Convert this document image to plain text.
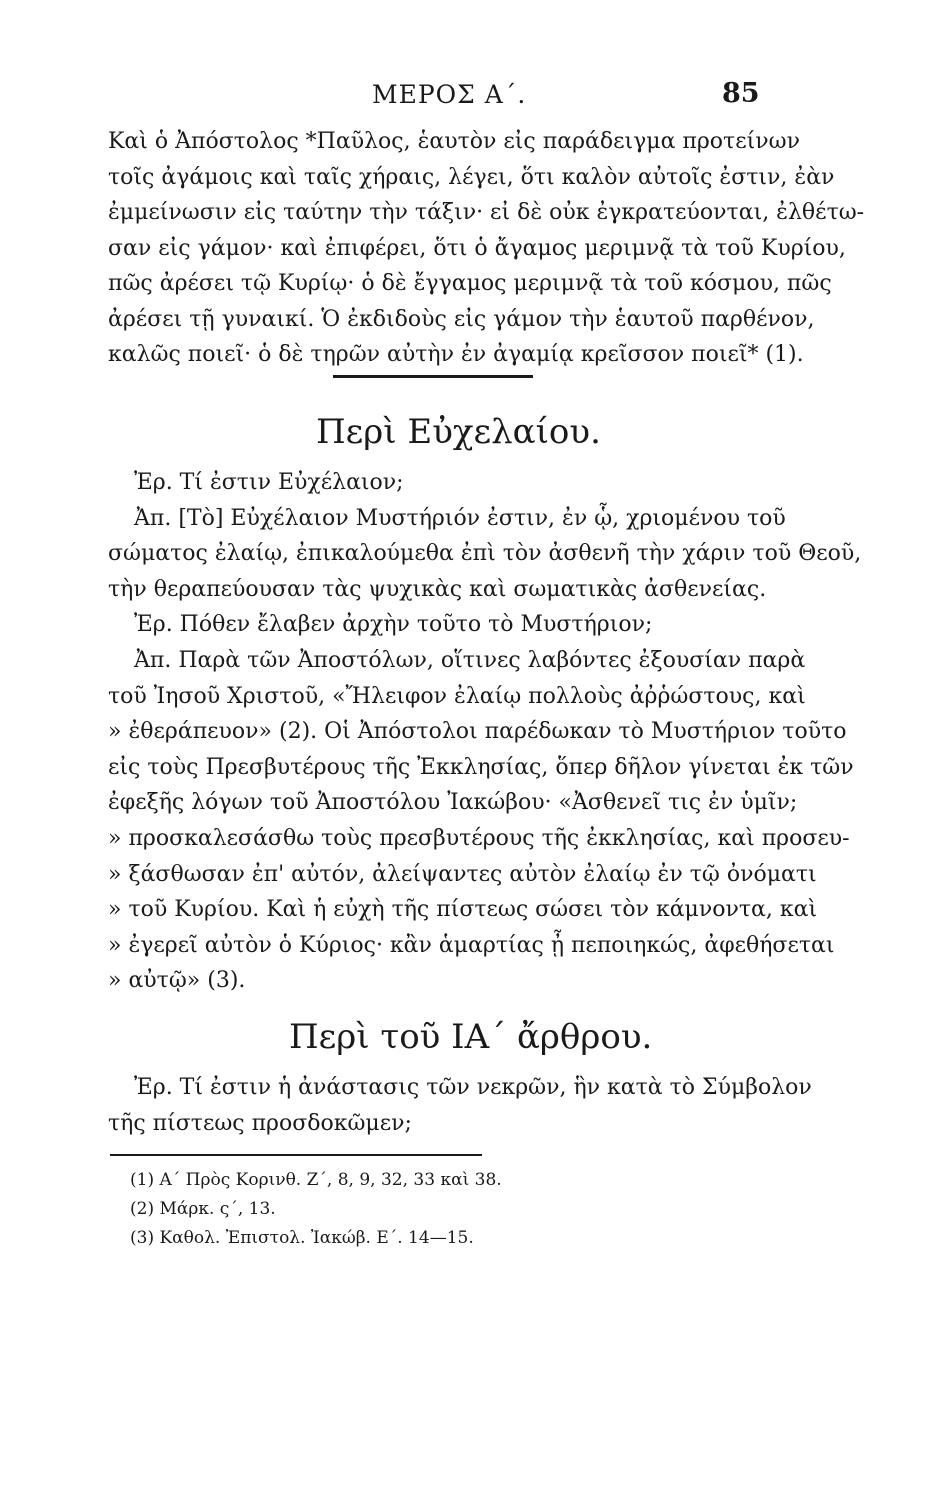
ΜΕΡΟΣ Α΄.	85
Καὶ ὁ Ἀπόστολος *Παῦλος, ἑαυτὸν εἰς παράδειγμα προτείνων
τοῖς ἀγάμοις καὶ ταῖς χήραις, λέγει, ὅτι καλὸν αὐτοῖς ἐστιν, ἐὰν
ἐμμείνωσιν εἰς ταύτην τὴν τάξιν· εἰ δὲ οὐκ ἐγκρατεύονται, ἐλθέτω-
σαν εἰς γάμον· καὶ ἐπιφέρει, ὅτι ὁ ἄγαμος μεριμνᾷ τὰ τοῦ Κυρίου,
πῶς ἀρέσει τῷ Κυρίῳ· ὁ δὲ ἔγγαμος μεριμνᾷ τὰ τοῦ κόσμου, πῶς
ἀρέσει τῇ γυναικί. Ὁ ἐκδιδοὺς εἰς γάμον τὴν ἑαυτοῦ παρθένον,
καλῶς ποιεῖ· ὁ δὲ τηρῶν αὐτὴν ἐν ἀγαμίᾳ κρεῖσσον ποιεῖ* (1).
Περὶ Εὐχελαίου.
Ἐρ. Τί ἐστιν Εὐχέλαιον;
Ἀπ. [Τὸ] Εὐχέλαιον Μυστήριόν ἐστιν, ἐν ᾧ, χριομένου τοῦ
σώματος ἐλαίῳ, ἐπικαλούμεθα ἐπὶ τὸν ἀσθενῆ τὴν χάριν τοῦ Θεοῦ,
τὴν θεραπεύουσαν τὰς ψυχικὰς καὶ σωματικὰς ἀσθενείας.
Ἐρ. Πόθεν ἔλαβεν ἀρχὴν τοῦτο τὸ Μυστήριον;
Ἀπ. Παρὰ τῶν Ἀποστόλων, οἵτινες λαβόντες ἐξουσίαν παρὰ
τοῦ Ἰησοῦ Χριστοῦ, «Ἤλειφον ἐλαίῳ πολλοὺς ἀῤῥώστους, καὶ
» ἐθεράπευον» (2). Οἱ Ἀπόστολοι παρέδωκαν τὸ Μυστήριον τοῦτο
εἰς τοὺς Πρεσβυτέρους τῆς Ἐκκλησίας, ὅπερ δῆλον γίνεται ἐκ τῶν
ἐφεξῆς λόγων τοῦ Ἀποστόλου Ἰακώβου· «Ἀσθενεῖ τις ἐν ὑμῖν;
» προσκαλεσάσθω τοὺς πρεσβυτέρους τῆς ἐκκλησίας, καὶ προσευ-
» ξάσθωσαν ἐπ' αὐτόν, ἀλείψαντες αὐτὸν ἐλαίῳ ἐν τῷ ὀνόματι
» τοῦ Κυρίου. Καὶ ἡ εὐχὴ τῆς πίστεως σώσει τὸν κάμνοντα, καὶ
» ἐγερεῖ αὐτὸν ὁ Κύριος· κἂν ἁμαρτίας ᾖ πεποιηκώς, ἀφεθήσεται
» αὐτῷ» (3).
Περὶ τοῦ ΙΑ΄ ἄρθρου.
Ἐρ. Τί ἐστιν ἡ ἀνάστασις τῶν νεκρῶν, ἣν κατὰ τὸ Σύμβολον
τῆς πίστεως προσδοκῶμεν;
(1) Α΄ Πρὸς Κορινθ. Ζ΄, 8, 9, 32, 33 καὶ 38.
(2) Μάρκ. ς΄, 13.
(3) Καθολ. Ἐπιστολ. Ἰακώβ. Ε΄. 14—15.
